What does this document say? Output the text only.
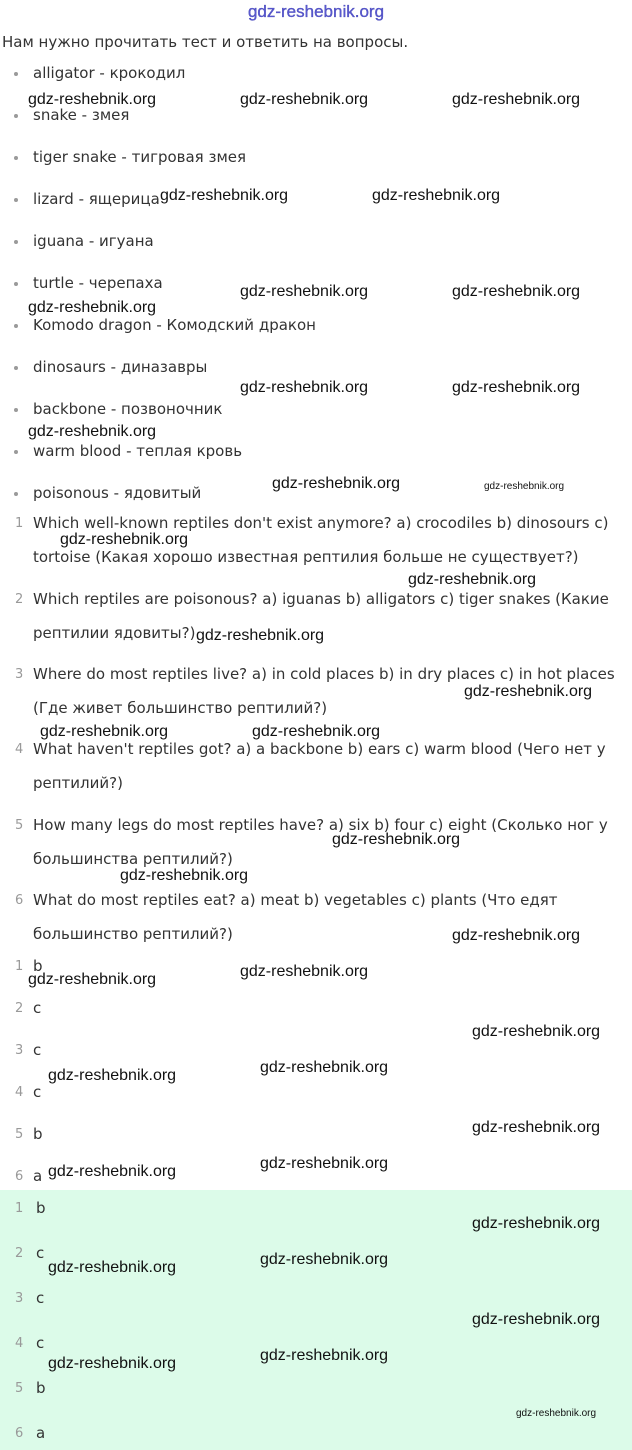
gdz-reshebnik.org
Нам нужно прочитать тест и ответить на вопросы.
alligator - крокодил
snake - змея
tiger snake - тигровая змея
lizard - ящерица
iguana - игуана
turtle - черепаха
Komodo dragon - Комодский дракон
dinosaurs - диназавры
backbone - позвоночник
warm blood - теплая кровь
poisonous - ядовитый
1 Which well-known reptiles don't exist anymore? a) crocodiles b) dinosours c)
tortoise (Какая хорошо известная рептилия больше не существует?)
2 Which reptiles are poisonous? a) iguanas b) alligators c) tiger snakes (Какие
рептилии ядовиты?)
3 Where do most reptiles live? a) in cold places b) in dry places c) in hot places
(Где живет большинство рептилий?)
4 What haven't reptiles got? a) a backbone b) ears c) warm blood (Чего нет у
рептилий?)
5 How many legs do most reptiles have? a) six b) four c) eight (Сколько ног у
большинства рептилий?)
6 What do most reptiles eat? a) meat b) vegetables c) plants (Что едят
большинство рептилий?)
1 b
2 c
3 c
4 c
5 b
6 a
1 b
2 c
3 c
4 c
5 b
6 a
gdz-reshebnik.org	gdz-reshebnik.org	gdz-reshebnik.org
gdz-reshebnik.org	gdz-reshebnik.org
gdz-reshebnik.org	gdz-reshebnik.org
gdz-reshebnik.org
gdz-reshebnik.org	gdz-reshebnik.org
gdz-reshebnik.org
gdz-reshebnik.org	gdz-reshebnik.org
gdz-reshebnik.org
gdz-reshebnik.org
gdz-reshebnik.org
gdz-reshebnik.org
gdz-reshebnik.org	gdz-reshebnik.org
gdz-reshebnik.org
gdz-reshebnik.org
gdz-reshebnik.org
gdz-reshebnik.org
gdz-reshebnik.org
gdz-reshebnik.org
gdz-reshebnik.org
gdz-reshebnik.org
gdz-reshebnik.org
gdz-reshebnik.org
gdz-reshebnik.org
gdz-reshebnik.org
gdz-reshebnik.org
gdz-reshebnik.org
gdz-reshebnik.org
gdz-reshebnik.org
gdz-reshebnik.org
gdz-reshebnik.org
